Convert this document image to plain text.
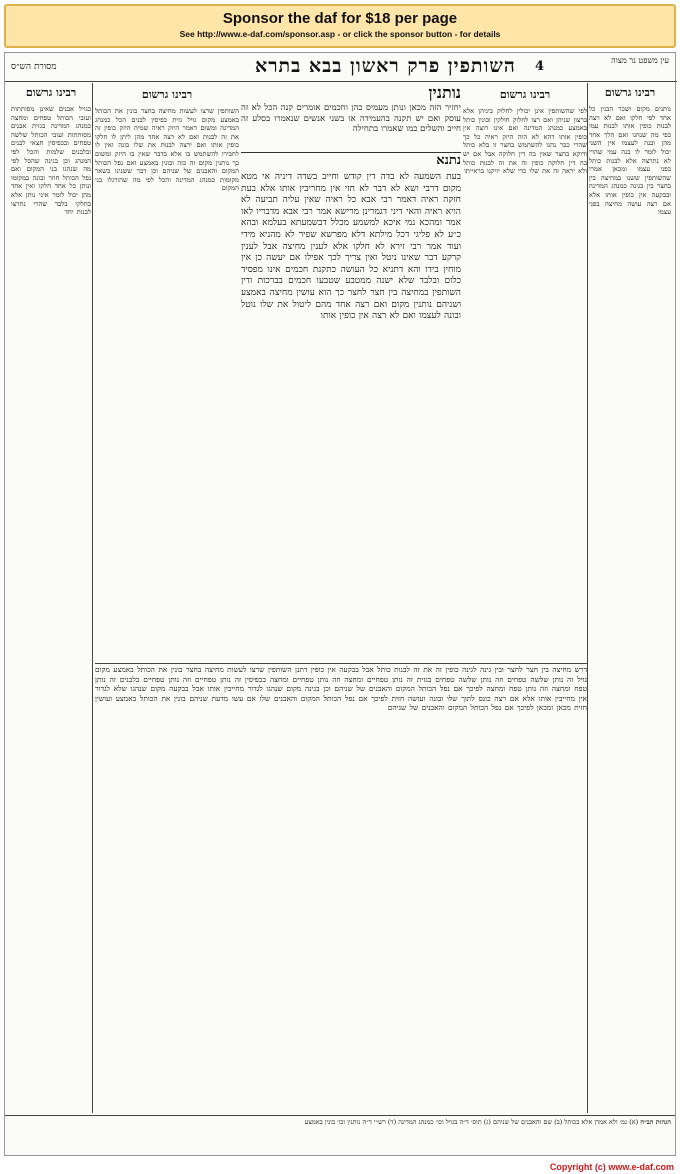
Sponsor the daf for $18 per page
See http://www.e-daf.com/sponsor.asp - or click the sponsor button - for details
עין משפט נר מצוה
4
השותפין פרק ראשון בבא בתרא
מסורת הש״ס
רבינו גרשום

נותנים מקום ושכר הבנין כל אחד לפי חלקו ואם לא רצה לבנות כופין אותו לבנות עמו כפי מה שנהגו ואם הלך אחד מהן ובנה לעצמו אין השני יכול לומר לו בנה עמי שהרי לא נתרצה אלא לבנות כותל בפני עצמו ומכאן אמרו שהשותפין ששנו במחיצה בין בחצר בין בגינה כמנהג המדינה ובבקעה אין כופין אותו אלא אם רצה עושה מחיצה בפני עצמו

רבינו גרשום

לפי שהשותפין אינן יכולין לחלוק ביניהן אלא ברצון שניהן ואם רצו לחלוק חולקין ובונין כותל באמצע כמנהג המדינה ואם אינו רוצה אין כופין אותו דהא לא הוה היזק ראיה כל כך שהרי כבר נהגו להשתמש בחצר זו בלא כותל ודוקא בחצר שאין בה דין חלוקה אבל אם יש בה דין חלוקה כופין זה את זה לבנות כותל ולא יראה זה את שלו כדי שלא יזיקנו בראייתו

נותנין

יחזיר הזה מכאן ונותן מעמיס כהן וחכמים אומרים קנה הכל לא זה עוסק ואם יש תקנה בהעמידה או בשני אנשים שנאמרו בסלע זה חייב והשלים כמו שאמרו בתחילה

נתנא

בעת השמעה לא בדה דין קודש וחייב בשדה דיניה אי מטא מקום דרבי ושא לא דבר לא חזי אין מחריבין אותו אלא בעת חזקה ראיה דאמר רבי אבא כל ראיה שאין עליה תביעה לא הויא ראיה והאי דיני דגמרינן מרישא אמר רבי אבא מדבריו לאו אמר ומהכא נמי איכא למשמע מכלל דבשמעתא בעלמא ובהא כ״ע לא פליגי דכל מילתא דלא מפרשא שפיר לא מהניא מידי ועוד אמר רבי זירא לא חלקו אלא לענין מחיצה אבל לענין קרקע דבר שאינו ניטל ואין צריך לכך אפילו אם יעשה כן אין מוחין בידו והא דתניא כל העושה כתקנת חכמים אינו מפסיד כלום ובלבד שלא ישנה ממטבע שטבעו חכמים בברכות ודין השותפין במחיצה בין חצר לחצר כך הוא עושין מחיצה באמצע ושניהם נותנין מקום ואם רצה אחד מהם ליטול את שלו נוטל ובונה לעצמו ואם לא רצה אין כופין אותו

רבינו גרשום

השותפין שרצו לעשות מחיצה בחצר בונין את הכותל באמצע מקום גויל גזית כפיסין לבנים הכל כמנהג המדינה ומשום דאמר היזק ראיה שמיה היזק כופין זה את זה לבנות ואם לא רצה אחד מהן ליתן לו חלקו כופין אותו ואם ירצה לבנות את שלו בונה ואין לו לחבירו להשתמש בו אלא בדבר שאין בו היזק ומשום כך נותנין מקום זה כזה ובונין באמצע ואם נפל הכותל המקום והאבנים של שניהם וכן דבר ששנינו בשאר מקומות כמנהג המדינה והכל לפי מה שהורגלו בני המקום

רבינו גרשום

בגויל אבנים שאינן מסותתות ועובי הכותל טפחים ומחצה כמנהג המדינה בגזית אבנים מסותתות ועובי הכותל שלשה טפחים ובכפיסין חצאי לבנים ובלבנים שלמות והכל לפי המנהג וכן בגינה שהכל לפי מה שנהגו בני המקום ואם נפל הכותל חוזר ובונה במקומו ונותן כל אחד חלקו ואין אחד מהן יכול לומר איני נותן אלא בחלקי בלבד שהרי נתרצו לבנות יחד

דרש מחיצה בין חצר לחצר ובין גינה לגינה כופין זה את זה לבנות כותל אבל בבקעה אין כופין דתנן השותפין שרצו לעשות מחיצה בחצר בונין את הכותל באמצע מקום גויל זה נותן שלשה טפחים וזה נותן שלשה טפחים בגזית זה נותן טפחיים ומחצה וזה נותן טפחיים ומחצה בכפיסין זה נותן טפחיים וזה נותן טפחיים בלבנים זה נותן טפח ומחצה וזה נותן טפח ומחצה לפיכך אם נפל הכותל המקום והאבנים של שניהם וכן בגינה מקום שנהגו לגדור מחייבין אותו אבל בבקעה מקום שנהגו שלא לגדור אין מחייבין אותו אלא אם רצה כונס לתוך שלו ובונה ועושה חזית לפיכך אם נפל הכותל המקום והאבנים שלו אם עשו מדעת שניהם בונין את הכותל באמצע ועושין חזית מכאן ומכאן לפיכך אם נפל הכותל המקום והאבנים של שניהם

הגהות הב״ח (א) גמ׳ ולא אמרן אלא בכותל (ב) שם והאבנים של שניהם (ג) תוס׳ ד״ה בגויל וכו׳ כמנהג המדינה (ד) רש״י ד״ה נותנין וכו׳ בונין באמצע
Copyright (c) www.e-daf.com
